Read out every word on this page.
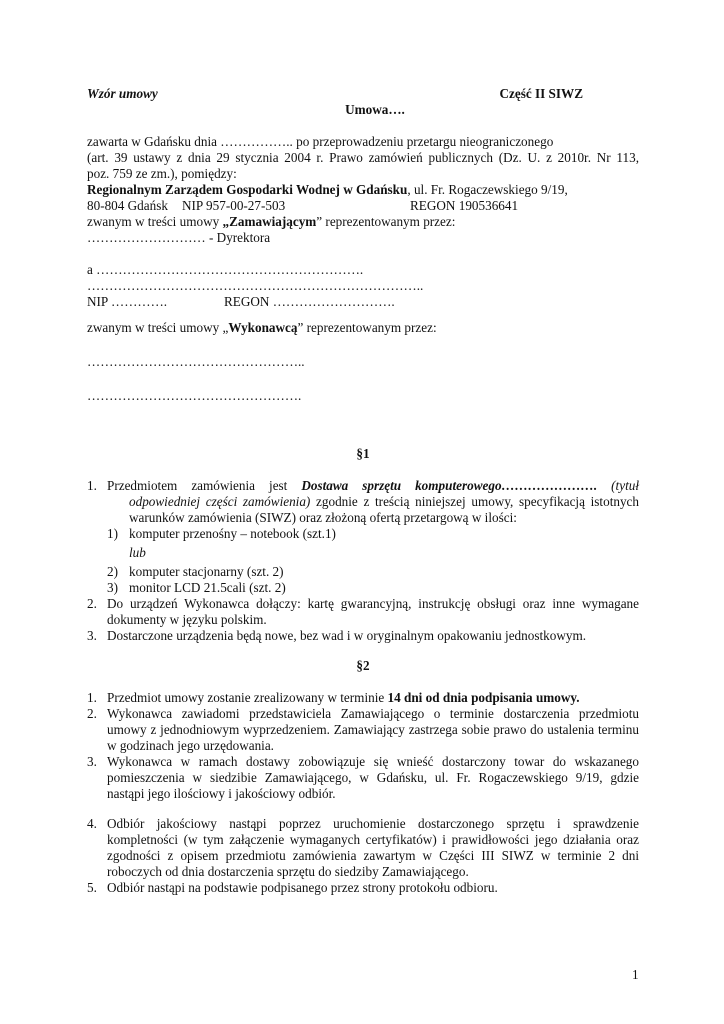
Wzór umowy	Część II SIWZ
Umowa….
zawarta w Gdańsku dnia …………….. po przeprowadzeniu przetargu nieograniczonego
(art. 39 ustawy z dnia 29 stycznia 2004 r. Prawo zamówień publicznych (Dz. U. z 2010r. Nr 113,
poz. 759 ze zm.), pomiędzy:
Regionalnym Zarządem Gospodarki Wodnej w Gdańsku, ul. Fr. Rogaczewskiego 9/19,
80-804 Gdańsk	NIP 957-00-27-503	REGON 190536641
zwanym w treści umowy „Zamawiającym” reprezentowanym przez:
……………………… - Dyrektora
a …………………………………………………….
…………………………………………………………………..
NIP ………….	REGON ……………………….
zwanym w treści umowy „Wykonawcą” reprezentowanym przez:
…………………………………………..
………………………………………….
§1
1. Przedmiotem zamówienia jest Dostawa sprzętu komputerowego…………………. (tytuł
odpowiedniej części zamówienia) zgodnie z treścią niniejszej umowy, specyfikacją istotnych
warunków zamówienia (SIWZ) oraz złożoną ofertą przetargową w ilości:
1) komputer przenośny – notebook (szt.1)
lub
2) komputer stacjonarny (szt. 2)
3) monitor LCD 21.5cali (szt. 2)
2. Do urządzeń Wykonawca dołączy: kartę gwarancyjną, instrukcję obsługi oraz inne wymagane
dokumenty w języku polskim.
3. Dostarczone urządzenia będą nowe, bez wad i w oryginalnym opakowaniu jednostkowym.
§2
1. Przedmiot umowy zostanie zrealizowany w terminie 14 dni od dnia podpisania umowy.
2. Wykonawca zawiadomi przedstawiciela Zamawiającego o terminie dostarczenia przedmiotu
umowy z jednodniowym wyprzedzeniem. Zamawiający zastrzega sobie prawo do ustalenia terminu
w godzinach jego urzędowania.
3. Wykonawca w ramach dostawy zobowiązuje się wnieść dostarczony towar do wskazanego
pomieszczenia w siedzibie Zamawiającego, w Gdańsku, ul. Fr. Rogaczewskiego 9/19, gdzie
nastąpi jego ilościowy i jakościowy odbiór.
4. Odbiór jakościowy nastąpi poprzez uruchomienie dostarczonego sprzętu i sprawdzenie
kompletności (w tym załączenie wymaganych certyfikatów) i prawidłowości jego działania oraz
zgodności z opisem przedmiotu zamówienia zawartym w Części III SIWZ w terminie 2 dni
roboczych od dnia dostarczenia sprzętu do siedziby Zamawiającego.
5. Odbiór nastąpi na podstawie podpisanego przez strony protokołu odbioru.
1
